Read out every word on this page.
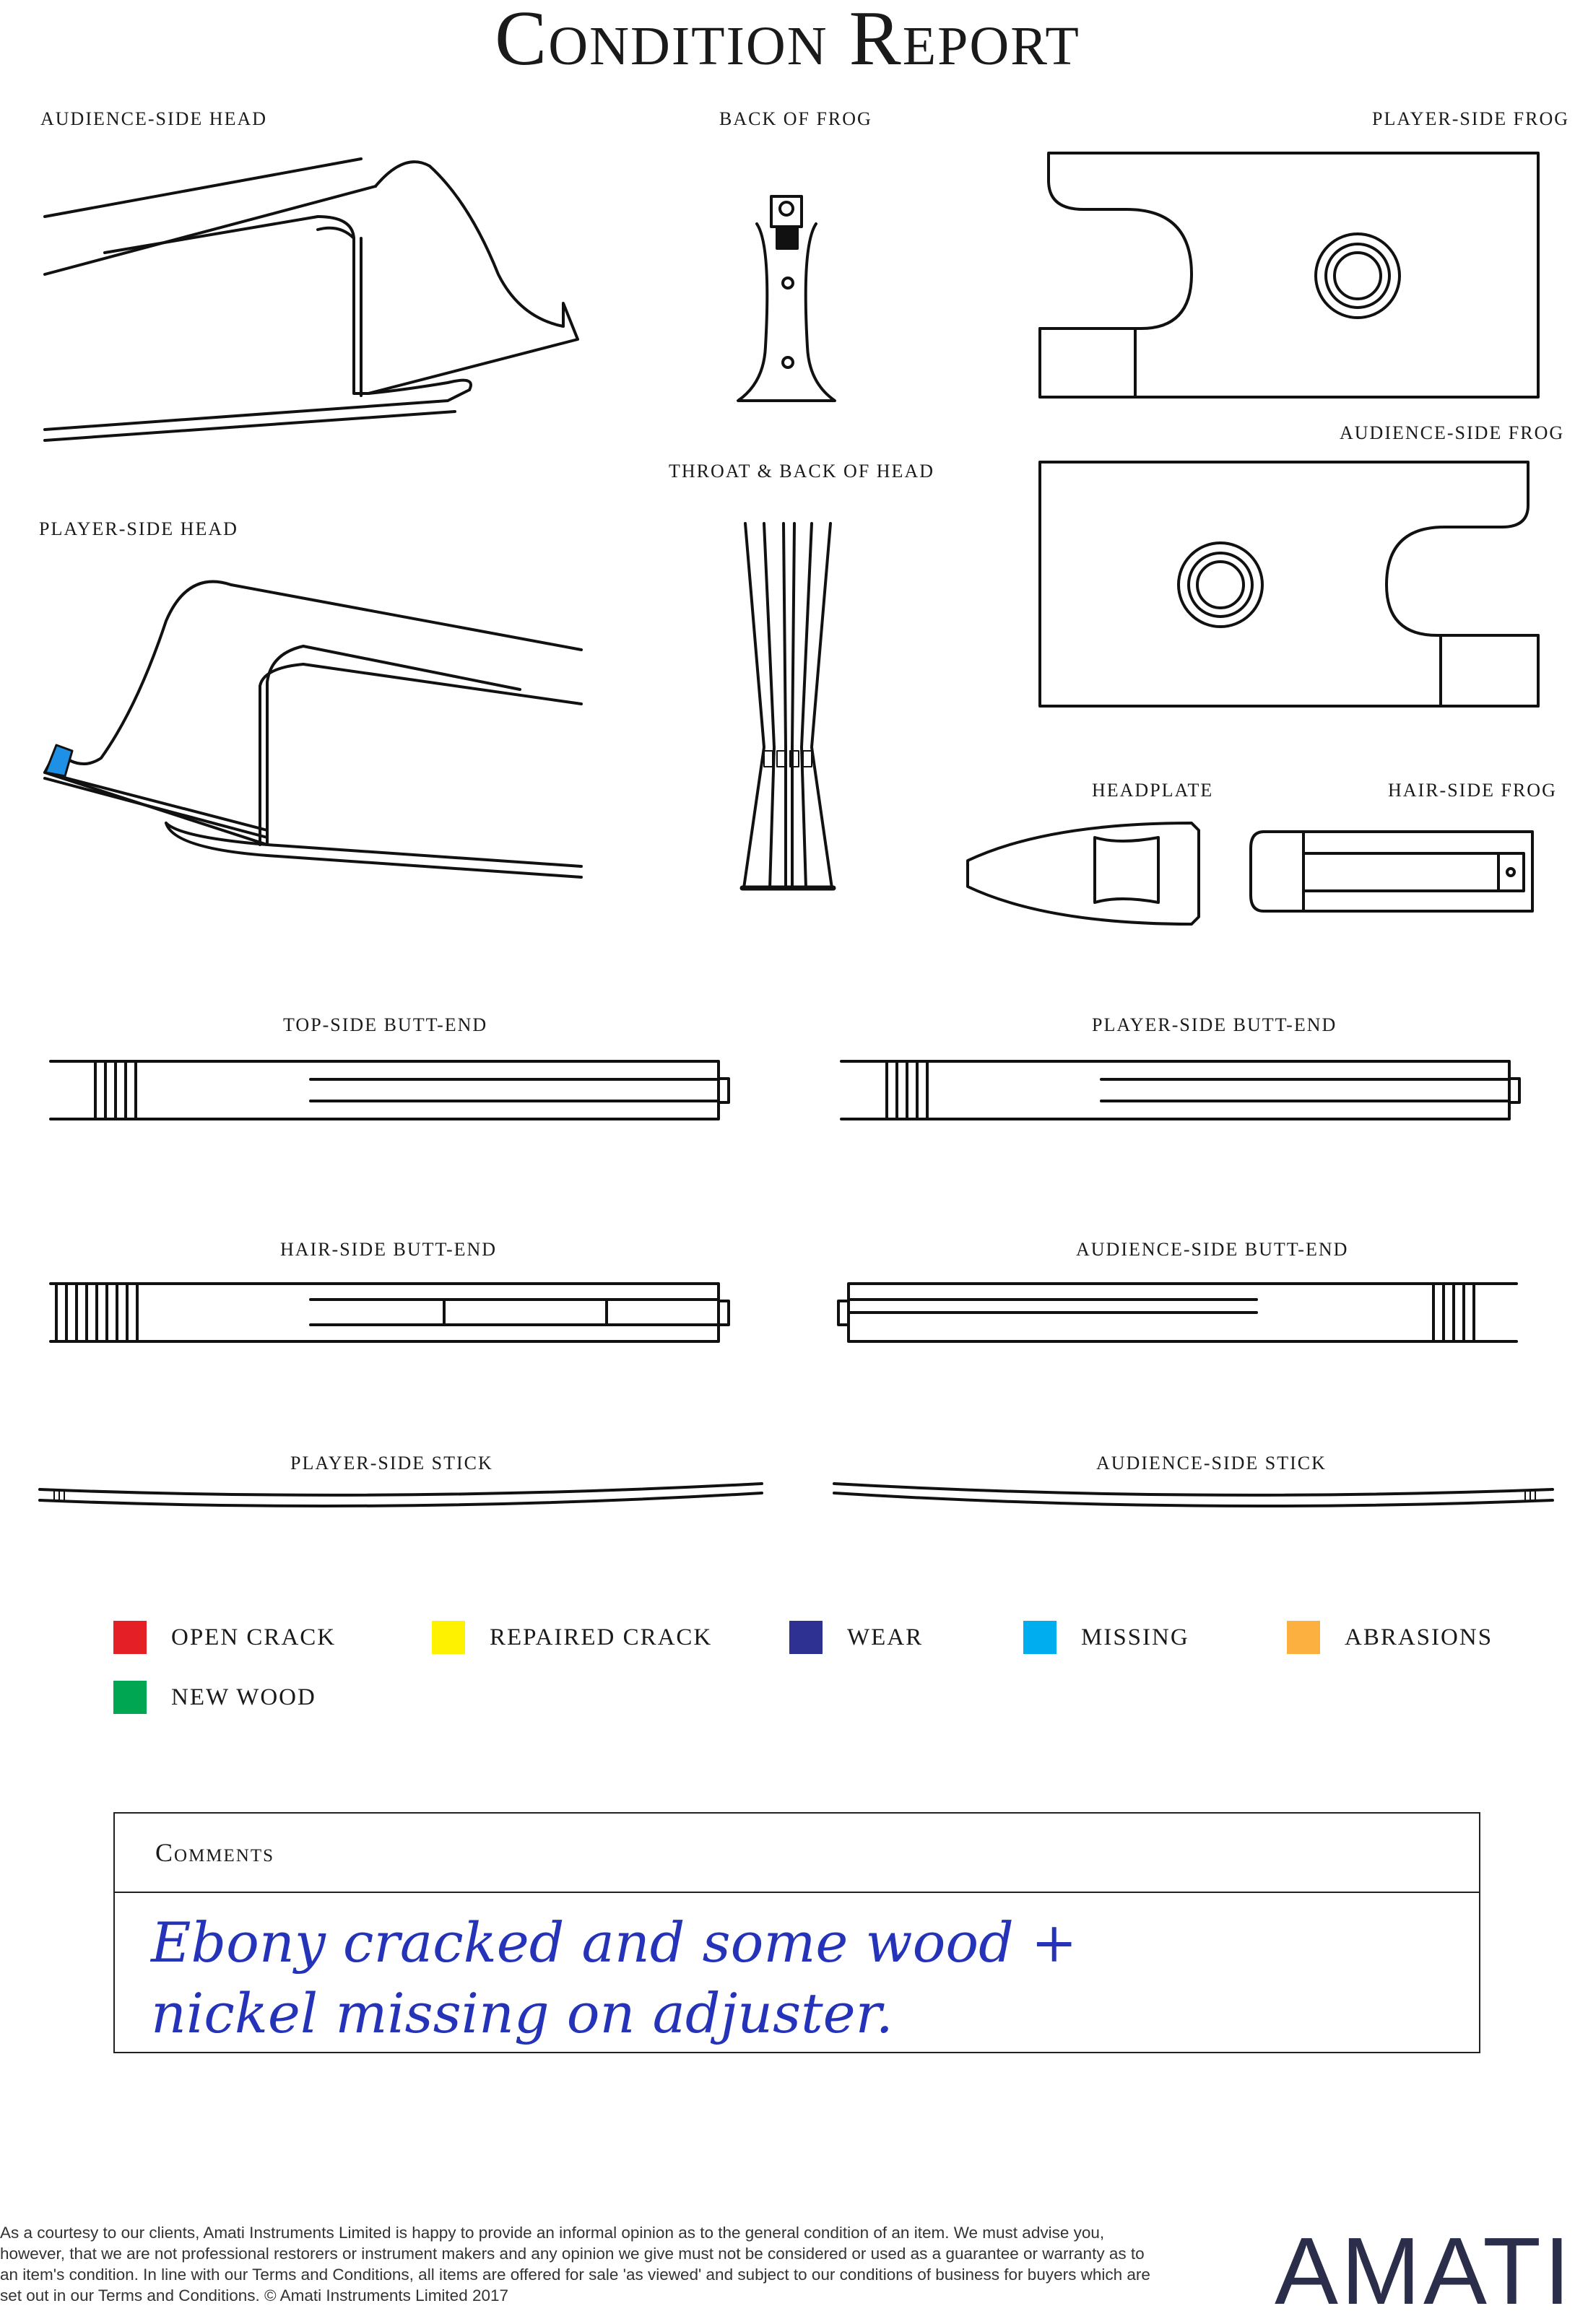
Condition Report
AUDIENCE-SIDE HEAD	BACK OF FROG	PLAYER-SIDE FROG
AUDIENCE-SIDE FROG
THROAT & BACK OF HEAD
PLAYER-SIDE HEAD
HEADPLATE	HAIR-SIDE FROG
TOP-SIDE BUTT-END	PLAYER-SIDE BUTT-END
HAIR-SIDE BUTT-END	AUDIENCE-SIDE BUTT-END
PLAYER-SIDE STICK	AUDIENCE-SIDE STICK
OPEN CRACK	REPAIRED CRACK	WEAR	MISSING	ABRASIONS
NEW WOOD
Comments
Ebony cracked and some wood +
nickel missing on adjuster.
As a courtesy to our clients, Amati Instruments Limited is happy to provide an informal opinion as to the general condition of an item. We must advise you, however, that we are not professional restorers or instrument makers and any opinion we give must not be considered or used as a guarantee or warranty as to an item's condition. In line with our Terms and Conditions, all items are offered for sale 'as viewed' and subject to our conditions of business for buyers which are set out in our Terms and Conditions. © Amati Instruments Limited 2017	AMATI
